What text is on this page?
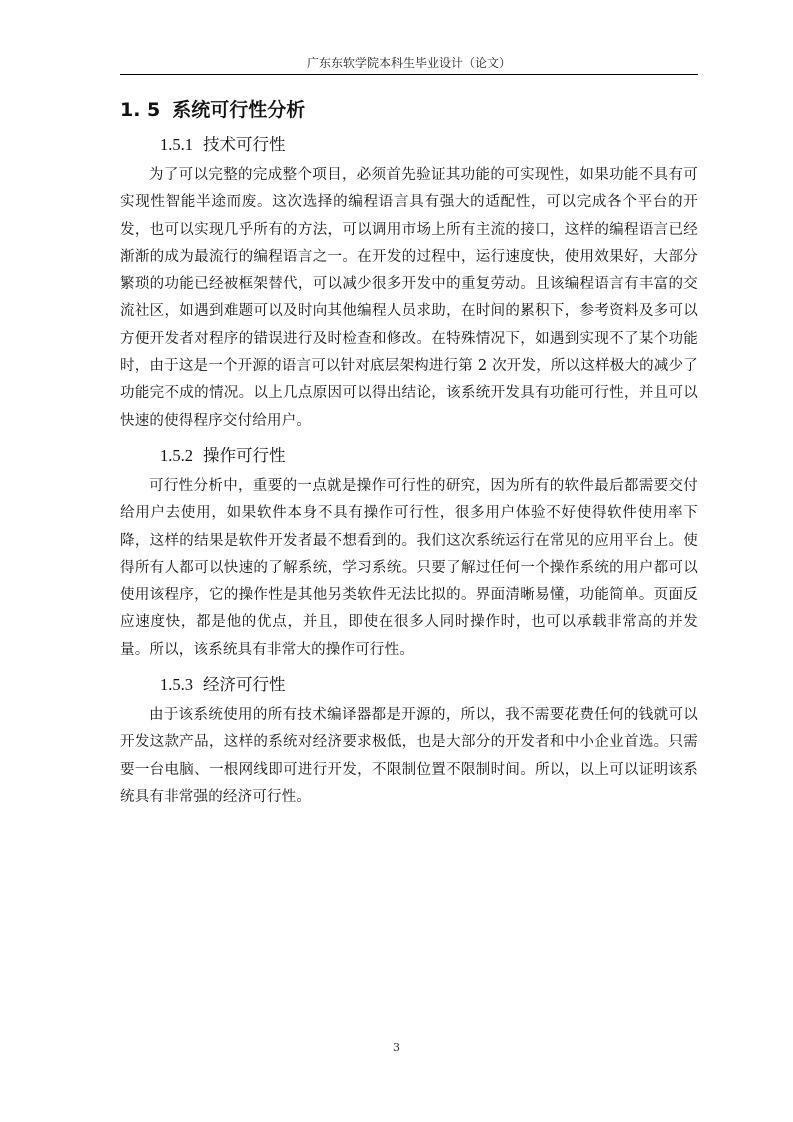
广东东软学院本科生毕业设计（论文）
1. 5 系统可行性分析
1.5.1 技术可行性

为了可以完整的完成整个项目，必须首先验证其功能的可实现性，如果功能不具有可实现性智能半途而废。这次选择的编程语言具有强大的适配性，可以完成各个平台的开发，也可以实现几乎所有的方法，可以调用市场上所有主流的接口，这样的编程语言已经渐渐的成为最流行的编程语言之一。在开发的过程中，运行速度快，使用效果好，大部分繁琐的功能已经被框架替代，可以减少很多开发中的重复劳动。且该编程语言有丰富的交流社区，如遇到难题可以及时向其他编程人员求助，在时间的累积下，参考资料及多可以方便开发者对程序的错误进行及时检查和修改。在特殊情况下，如遇到实现不了某个功能时，由于这是一个开源的语言可以针对底层架构进行第 2 次开发，所以这样极大的减少了功能完不成的情况。以上几点原因可以得出结论，该系统开发具有功能可行性，并且可以快速的使得程序交付给用户。

1.5.2 操作可行性

可行性分析中，重要的一点就是操作可行性的研究，因为所有的软件最后都需要交付给用户去使用，如果软件本身不具有操作可行性，很多用户体验不好使得软件使用率下降，这样的结果是软件开发者最不想看到的。我们这次系统运行在常见的应用平台上。使得所有人都可以快速的了解系统，学习系统。只要了解过任何一个操作系统的用户都可以使用该程序，它的操作性是其他另类软件无法比拟的。界面清晰易懂，功能简单。页面反应速度快，都是他的优点，并且，即使在很多人同时操作时，也可以承载非常高的并发量。所以，该系统具有非常大的操作可行性。

1.5.3 经济可行性

由于该系统使用的所有技术编译器都是开源的，所以，我不需要花费任何的钱就可以开发这款产品，这样的系统对经济要求极低，也是大部分的开发者和中小企业首选。只需要一台电脑、一根网线即可进行开发，不限制位置不限制时间。所以，以上可以证明该系统具有非常强的经济可行性。

3
